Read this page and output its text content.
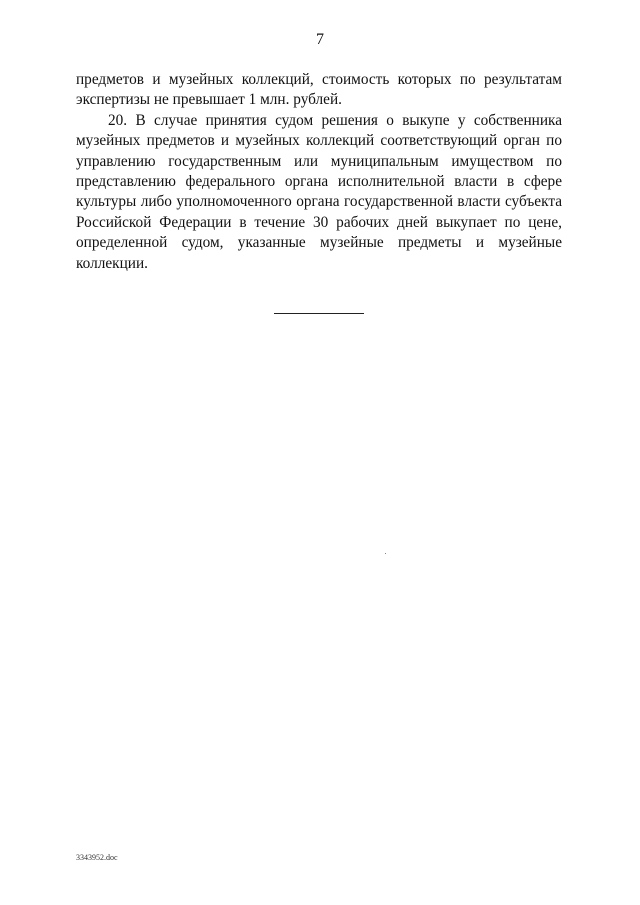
7

предметов и музейных коллекций, стоимость которых по результатам экспертизы не превышает 1 млн. рублей.

20. В случае принятия судом решения о выкупе у собственника музейных предметов и музейных коллекций соответствующий орган по управлению государственным или муниципальным имуществом по представлению федерального органа исполнительной власти в сфере культуры либо уполномоченного органа государственной власти субъекта Российской Федерации в течение 30 рабочих дней выкупает по цене, определенной судом, указанные музейные предметы и музейные коллекции.

3343952.doc
